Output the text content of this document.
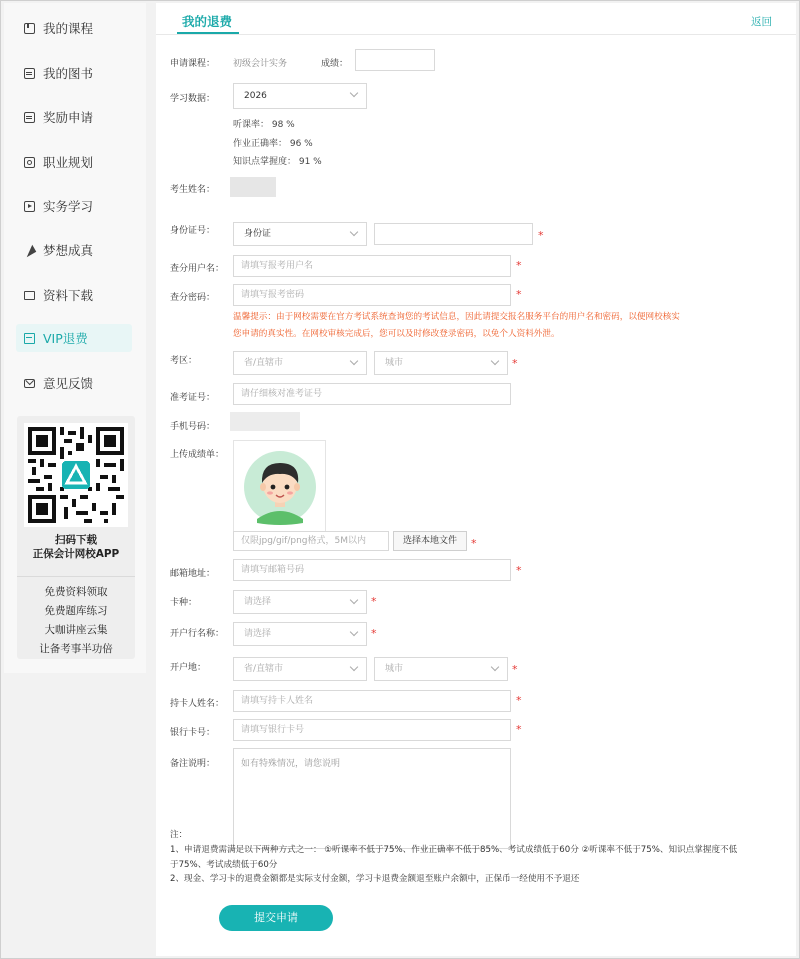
我的课程
我的图书
奖励申请
职业规划
实务学习
梦想成真
资料下载
VIP退费
意见反馈
扫码下载
正保会计网校APP
免费资料领取
免费题库练习
大咖讲座云集
让备考事半功倍
我的退费	返回
申请课程： 初级会计实务	成绩：
学习数据：	2026
听课率： 98 %
作业正确率： 96 %
知识点掌握度： 91 %
考生姓名：
身份证号：	身份证	*
查分用户名：	请填写报考用户名	*
查分密码：	请填写报考密码	*
温馨提示：由于网校需要在官方考试系统查询您的考试信息，因此请提交报名服务平台的用户名和密码，以便网校核实
您申请的真实性。在网校审核完成后，您可以及时修改登录密码，以免个人资料外泄。
考区：	省/直辖市	城市	*
准考证号：	请仔细核对准考证号
手机号码：
上传成绩单：
仅限jpg/gif/png格式，5M以内	选择本地文件	*
邮箱地址：	请填写邮箱号码	*
卡种：	请选择	*
开户行名称：	请选择	*
开户地：	省/直辖市	城市	*
持卡人姓名：	请填写持卡人姓名	*
银行卡号：	请填写银行卡号	*
备注说明：	如有特殊情况，请您说明
注：
1、申请退费需满足以下两种方式之一： ①听课率不低于75%、作业正确率不低于85%、考试成绩低于60分 ②听课率不低于75%、知识点掌握度不低
于75%、考试成绩低于60分
2、现金、学习卡的退费金额都是实际支付金额，学习卡退费金额退至账户余额中，正保币一经使用不予退还
提交申请
